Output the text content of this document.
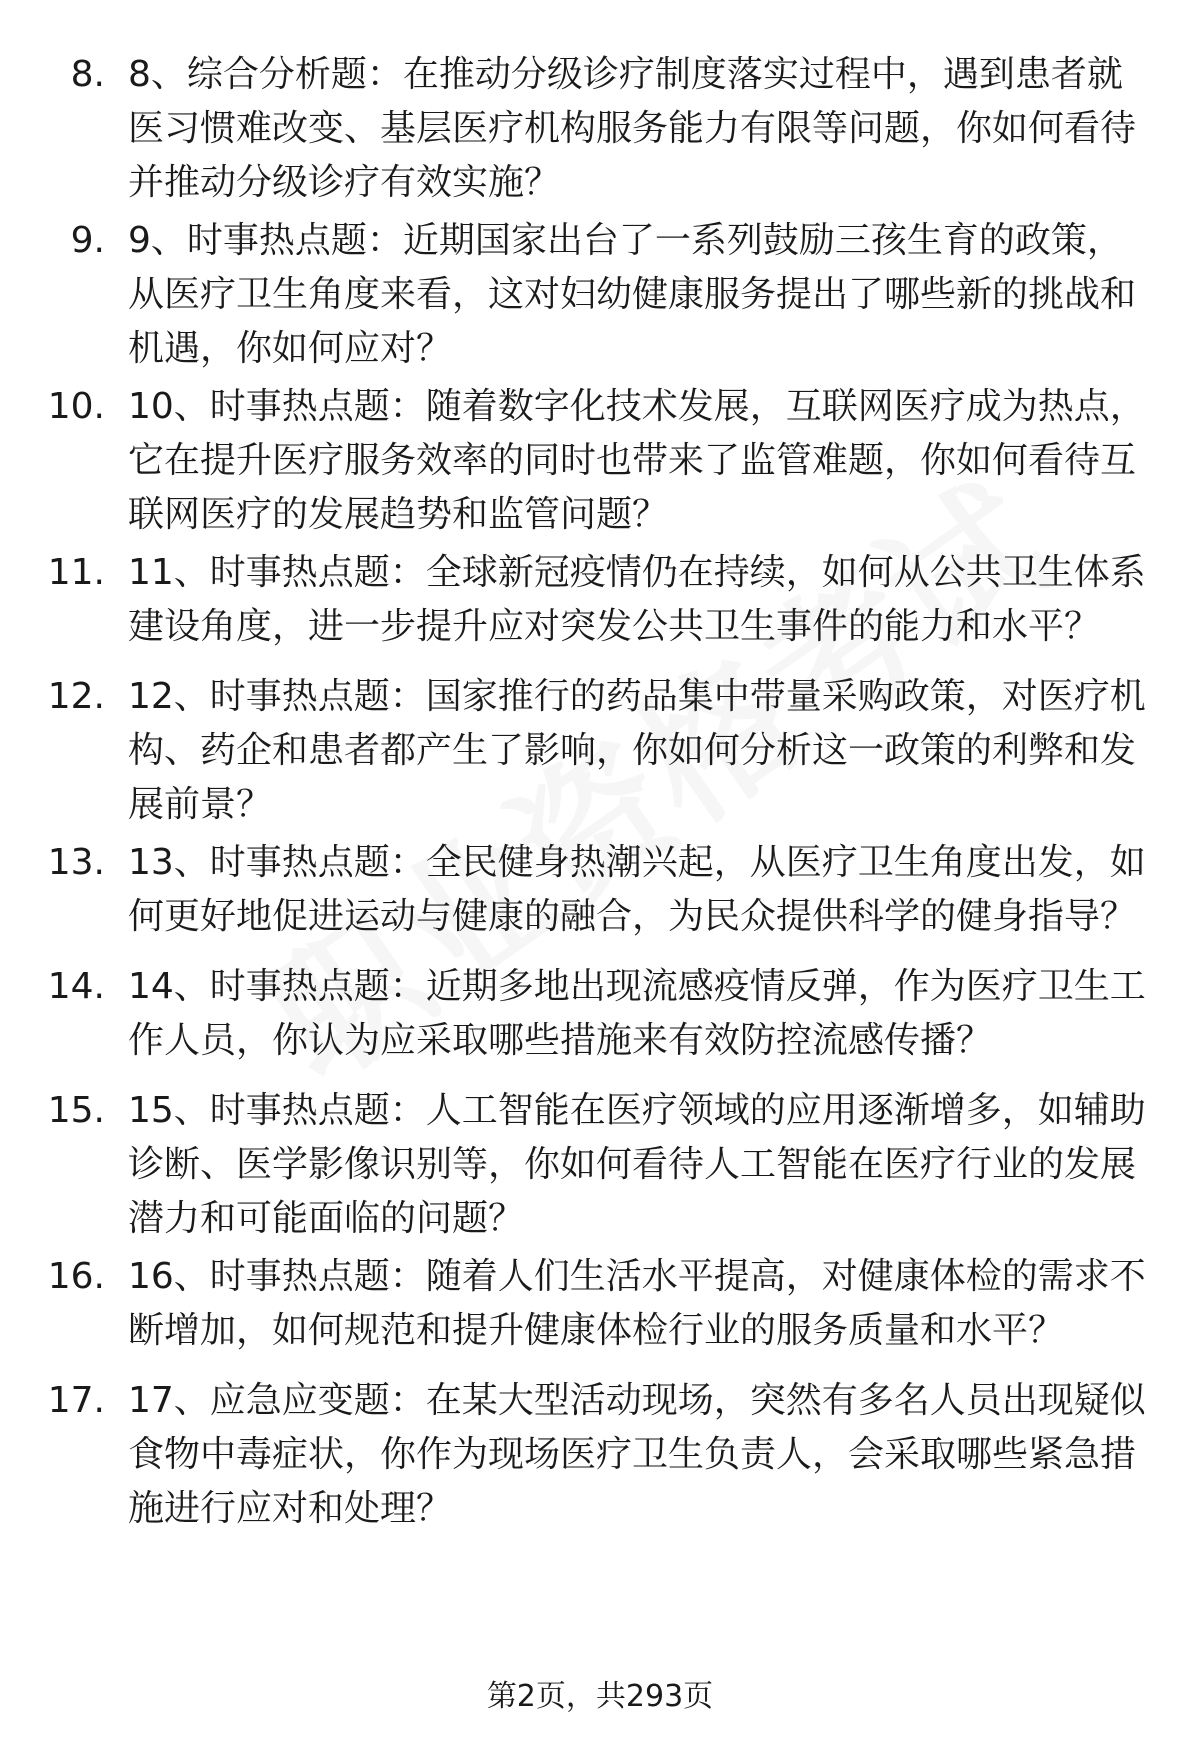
8. 8、综合分析题：在推动分级诊疗制度落实过程中，遇到患者就医习惯难改变、基层医疗机构服务能力有限等问题，你如何看待并推动分级诊疗有效实施？
9. 9、时事热点题：近期国家出台了一系列鼓励三孩生育的政策，从医疗卫生角度来看，这对妇幼健康服务提出了哪些新的挑战和机遇，你如何应对？
10. 10、时事热点题：随着数字化技术发展，互联网医疗成为热点，它在提升医疗服务效率的同时也带来了监管难题，你如何看待互联网医疗的发展趋势和监管问题？
11. 11、时事热点题：全球新冠疫情仍在持续，如何从公共卫生体系建设角度，进一步提升应对突发公共卫生事件的能力和水平？
12. 12、时事热点题：国家推行的药品集中带量采购政策，对医疗机构、药企和患者都产生了影响，你如何分析这一政策的利弊和发展前景？
13. 13、时事热点题：全民健身热潮兴起，从医疗卫生角度出发，如何更好地促进运动与健康的融合，为民众提供科学的健身指导？
14. 14、时事热点题：近期多地出现流感疫情反弹，作为医疗卫生工作人员，你认为应采取哪些措施来有效防控流感传播？
15. 15、时事热点题：人工智能在医疗领域的应用逐渐增多，如辅助诊断、医学影像识别等，你如何看待人工智能在医疗行业的发展潜力和可能面临的问题？
16. 16、时事热点题：随着人们生活水平提高，对健康体检的需求不断增加，如何规范和提升健康体检行业的服务质量和水平？
17. 17、应急应变题：在某大型活动现场，突然有多名人员出现疑似食物中毒症状，你作为现场医疗卫生负责人，会采取哪些紧急措施进行应对和处理？
第2页，共293页
